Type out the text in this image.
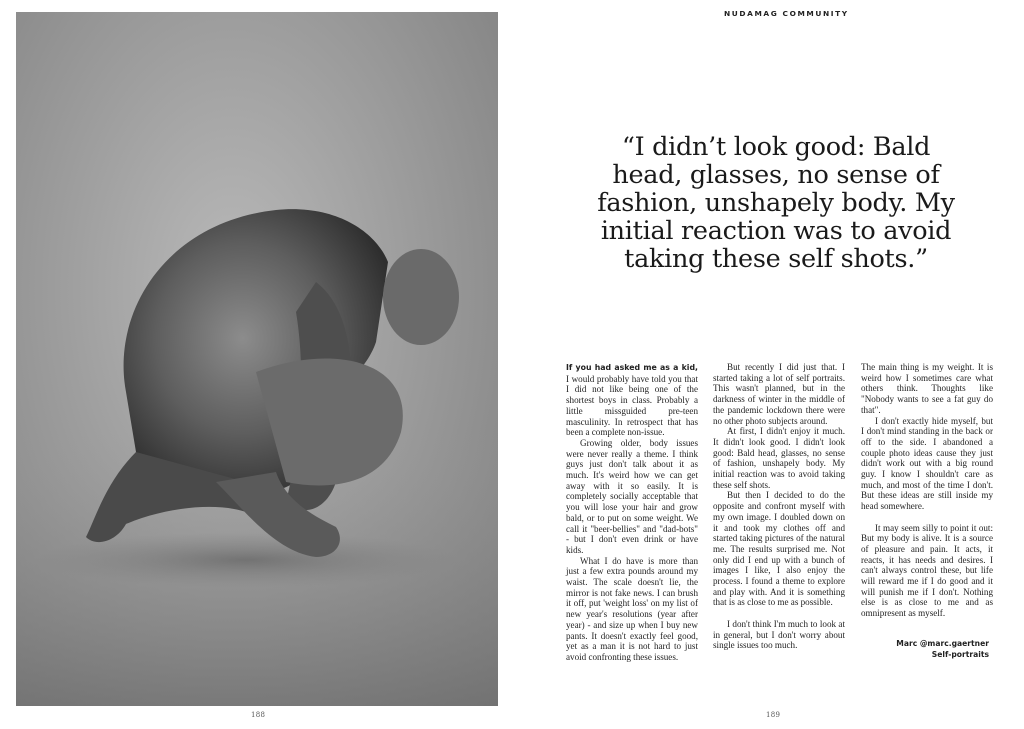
188
NUDAMAG COMMUNITY
“I didn’t look good: Bald head, glasses, no sense of fashion, unshapely body. My initial reaction was to avoid taking these self shots.”

If you had asked me as a kid, I would probably have told you that I did not like being one of the shortest boys in class. Probably a little missguided pre-teen masculinity. In retrospect that has been a complete non-issue.

Growing older, body issues were never really a theme. I think guys just don't talk about it as much. It's weird how we can get away with it so easily. It is completely socially acceptable that you will lose your hair and grow bald, or to put on some weight. We call it "beer-bellies" and "dad-bots" - but I don't even drink or have kids.

What I do have is more than just a few extra pounds around my waist. The scale doesn't lie, the mirror is not fake news. I can brush it off, put 'weight loss' on my list of new year's resolutions (year after year) - and size up when I buy new pants. It doesn't exactly feel good, yet as a man it is not hard to just avoid confronting these issues.

But recently I did just that. I started taking a lot of self portraits. This wasn't planned, but in the darkness of winter in the middle of the pandemic lockdown there were no other photo subjects around.

At first, I didn't enjoy it much. It didn't look good. I didn't look good: Bald head, glasses, no sense of fashion, unshapely body. My initial reaction was to avoid taking these self shots.

But then I decided to do the opposite and confront myself with my own image. I doubled down on it and took my clothes off and started taking pictures of the natural me. The results surprised me. Not only did I end up with a bunch of images I like, I also enjoy the process. I found a theme to explore and play with. And it is something that is as close to me as possible.

I don't think I'm much to look at in general, but I don't worry about single issues too much.

The main thing is my weight. It is weird how I sometimes care what others think. Thoughts like "Nobody wants to see a fat guy do that".

I don't exactly hide myself, but I don't mind standing in the back or off to the side. I abandoned a couple photo ideas cause they just didn't work out with a big round guy. I know I shouldn't care as much, and most of the time I don't. But these ideas are still inside my head somewhere.

It may seem silly to point it out: But my body is alive. It is a source of pleasure and pain. It acts, it reacts, it has needs and desires. I can't always control these, but life will reward me if I do good and it will punish me if I don't. Nothing else is as close to me and as omnipresent as myself.

Marc @marc.gaertner
Self-portraits
189
